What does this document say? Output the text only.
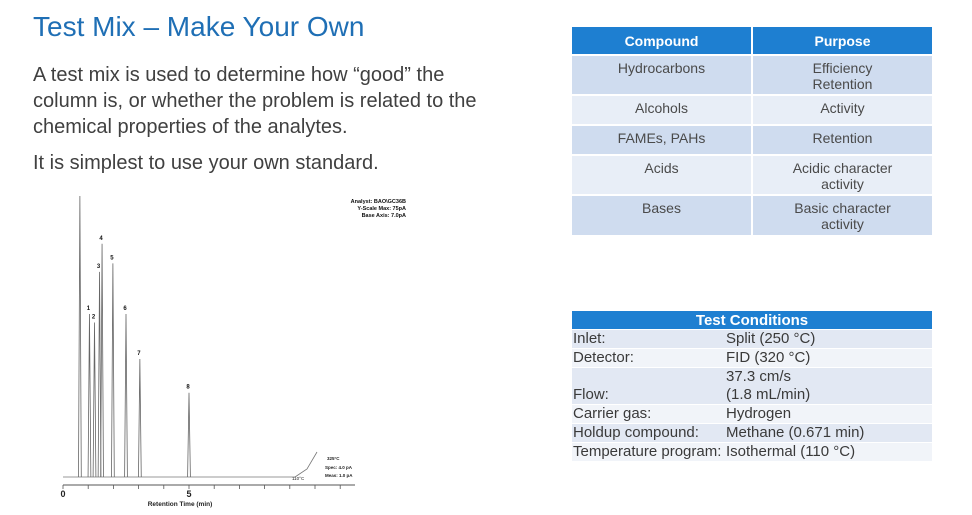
Test Mix – Make Your Own
A test mix is used to determine how “good” the column is, or whether the problem is related to the chemical properties of the analytes.
It is simplest to use your own standard.
Compound	Purpose
Hydrocarbons	Efficiency
Retention
Alcohols	Activity
FAMEs, PAHs	Retention
Acids	Acidic character
activity
Bases	Basic character
activity
Test Conditions	
Inlet:	Split (250 °C)
Detector:	FID (320 °C)
Flow:	37.3 cm/s
(1.8 mL/min)
Carrier gas:	Hydrogen
Holdup compound:	Methane (0.671 min)
Temperature program:	Isothermal (110 °C)
0	5
Retention Time (min)
1
2
3
4
5
6
7
8
110°C
325°C
Spec: 4.0 pA
Meas: 1.0 pA
Analyst: BAO\GC36B
Y-Scale Max: 75pA
Base Axis: 7.0pA
